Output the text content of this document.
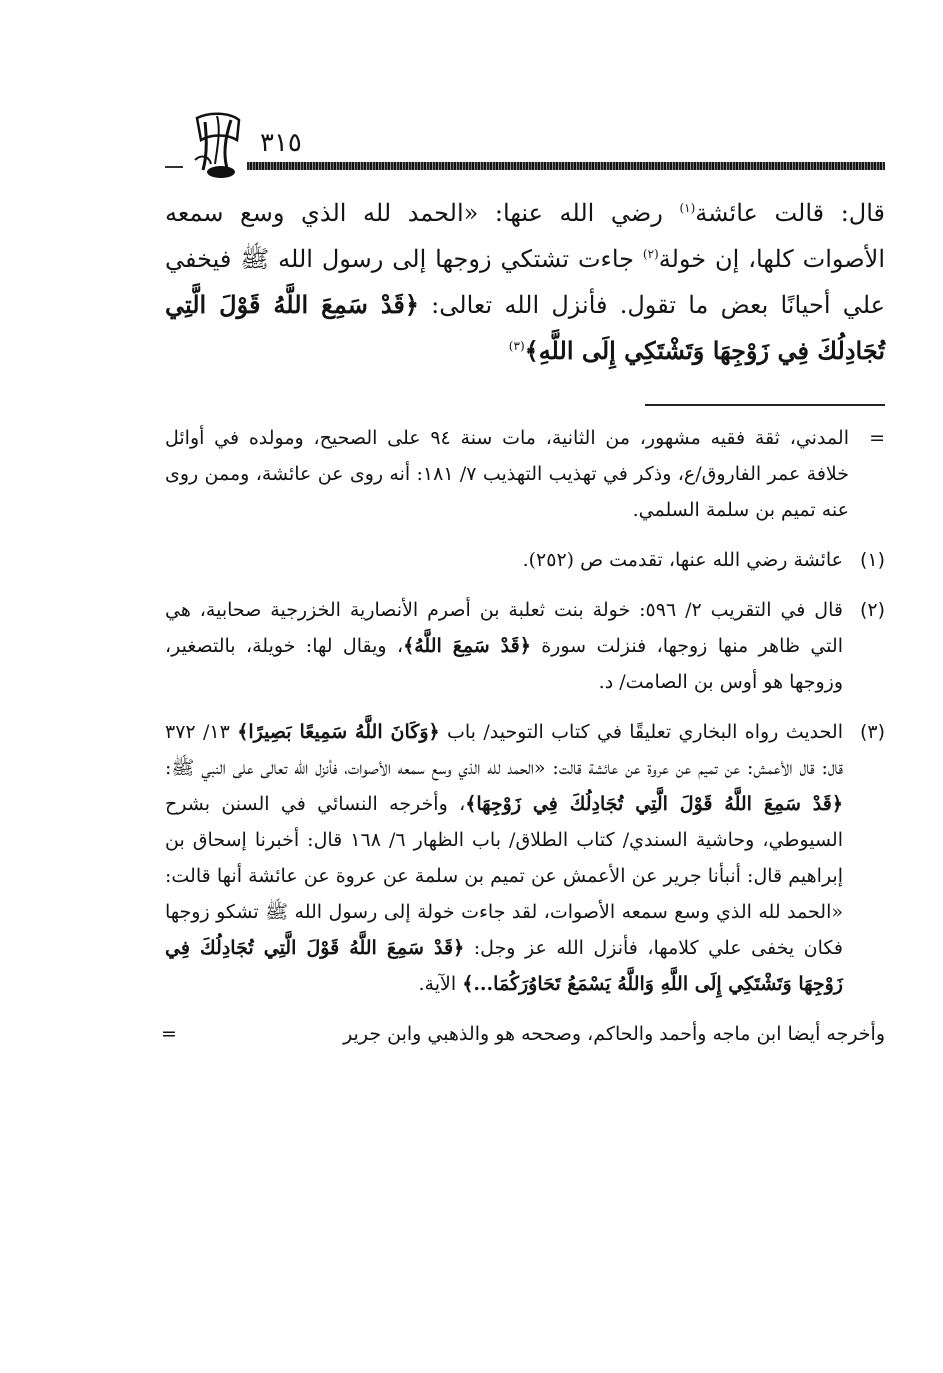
٣١٥
قال: قالت عائشة$^{(١)}$ رضي الله عنها: «الحمد لله الذي وسع سمعه الأصوات كلها، إن خولة$^{(٢)}$ جاءت تشتكي زوجها إلى رسول الله ﷺ فيخفي علي أحيانًا بعض ما تقول. فأنزل الله تعالى: ﴿قَدْ سَمِعَ اللَّهُ قَوْلَ الَّتِي تُجَادِلُكَ فِي زَوْجِهَا وَتَشْتَكِي إِلَى اللَّهِ﴾$^{(٣)}$
=
المدني، ثقة فقيه مشهور، من الثانية، مات سنة ٩٤ على الصحيح، ومولده في أوائل خلافة عمر الفاروق/ع، وذكر في تهذيب التهذيب ٧/ ١٨١: أنه روى عن عائشة، وممن روى عنه تميم بن سلمة السلمي.
(١)
عائشة رضي الله عنها، تقدمت ص (٢٥٢).
(٢)
قال في التقريب ٢/ ٥٩٦: خولة بنت ثعلبة بن أصرم الأنصارية الخزرجية صحابية، هي التي ظاهر منها زوجها، فنزلت سورة ﴿قَدْ سَمِعَ اللَّهُ﴾، ويقال لها: خويلة، بالتصغير، وزوجها هو أوس بن الصامت/ د.
(٣)
الحديث رواه البخاري تعليقًا في كتاب التوحيد/ باب ﴿وَكَانَ اللَّهُ سَمِيعًا بَصِيرًا﴾ ١٣/ ٣٧٢ قال: قال الأعمش: عن تميم عن عروة عن عائشة قالت: «الحمد لله الذي وسع سمعه الأصوات، فأنزل الله تعالى على النبي ﷺ: ﴿قَدْ سَمِعَ اللَّهُ قَوْلَ الَّتِي تُجَادِلُكَ فِي زَوْجِهَا﴾، وأخرجه النسائي في السنن بشرح السيوطي، وحاشية السندي/ كتاب الطلاق/ باب الظهار ٦/ ١٦٨ قال: أخبرنا إسحاق بن إبراهيم قال: أنبأنا جرير عن الأعمش عن تميم بن سلمة عن عروة عن عائشة أنها قالت: «الحمد لله الذي وسع سمعه الأصوات، لقد جاءت خولة إلى رسول الله ﷺ تشكو زوجها فكان يخفى علي كلامها، فأنزل الله عز وجل: ﴿قَدْ سَمِعَ اللَّهُ قَوْلَ الَّتِي تُجَادِلُكَ فِي زَوْجِهَا وَتَشْتَكِي إِلَى اللَّهِ وَاللَّهُ يَسْمَعُ تَحَاوُرَكُمَا...﴾ الآية.
وأخرجه أيضا ابن ماجه وأحمد والحاكم، وصححه هو والذهبي وابن جرير
=
